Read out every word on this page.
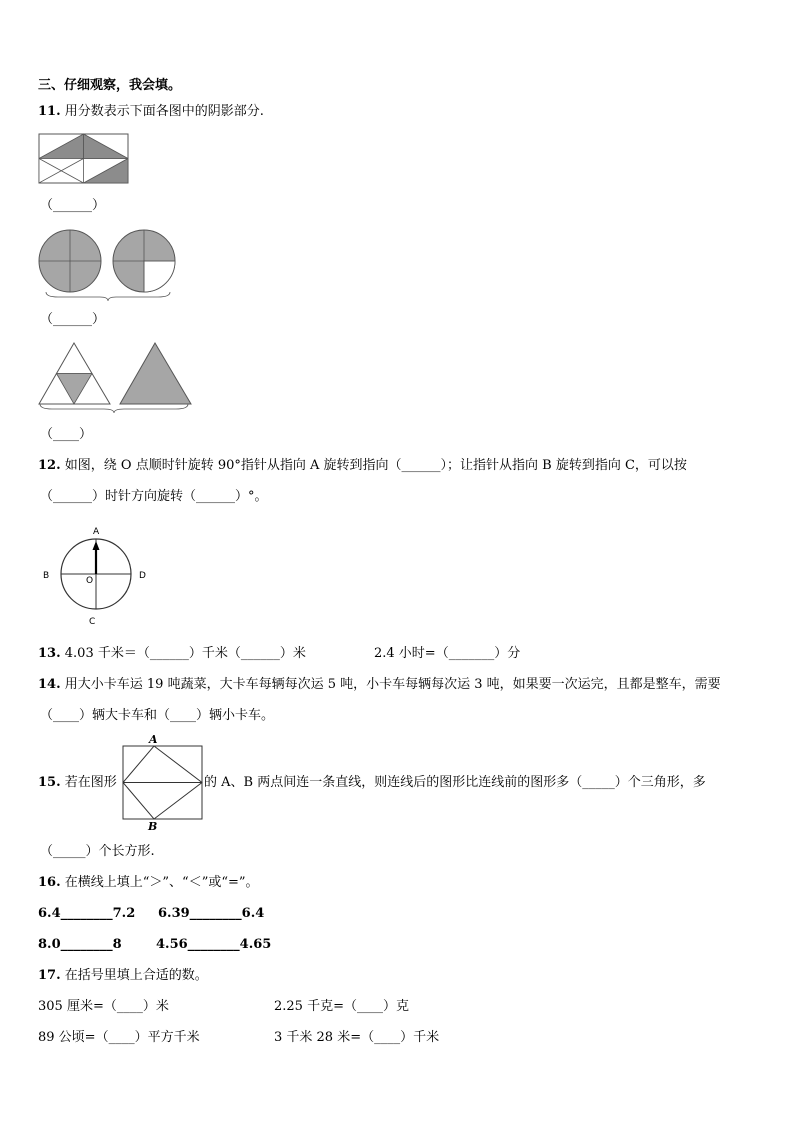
三、仔细观察，我会填。
11. 用分数表示下面各图中的阴影部分.
（______）
（______）
（____）
12. 如图，绕 O 点顺时针旋转 90°指针从指向 A 旋转到指向（______）；让指针从指向 B 旋转到指向 C，可以按
（______）时针方向旋转（______）°。
A
B	D
O
C
13. 4.03 千米＝（______）千米（______）米	2.4 小时=（_______）分
14. 用大小卡车运 19 吨蔬菜，大卡车每辆每次运 5 吨，小卡车每辆每次运 3 吨，如果要一次运完，且都是整车，需要
（____）辆大卡车和（____）辆小卡车。
15. 若在图形
A
B
的 A、B 两点间连一条直线，则连线后的图形比连线前的图形多（_____）个三角形，多
（_____）个长方形.
16. 在横线上填上“＞”、“＜”或“=”。
6.4________7.2 6.39________6.4
8.0________8	4.56________4.65
17. 在括号里填上合适的数。
305 厘米=（____）米	2.25 千克=（____）克
89 公顷=（____）平方千米	3 千米 28 米=（____）千米
